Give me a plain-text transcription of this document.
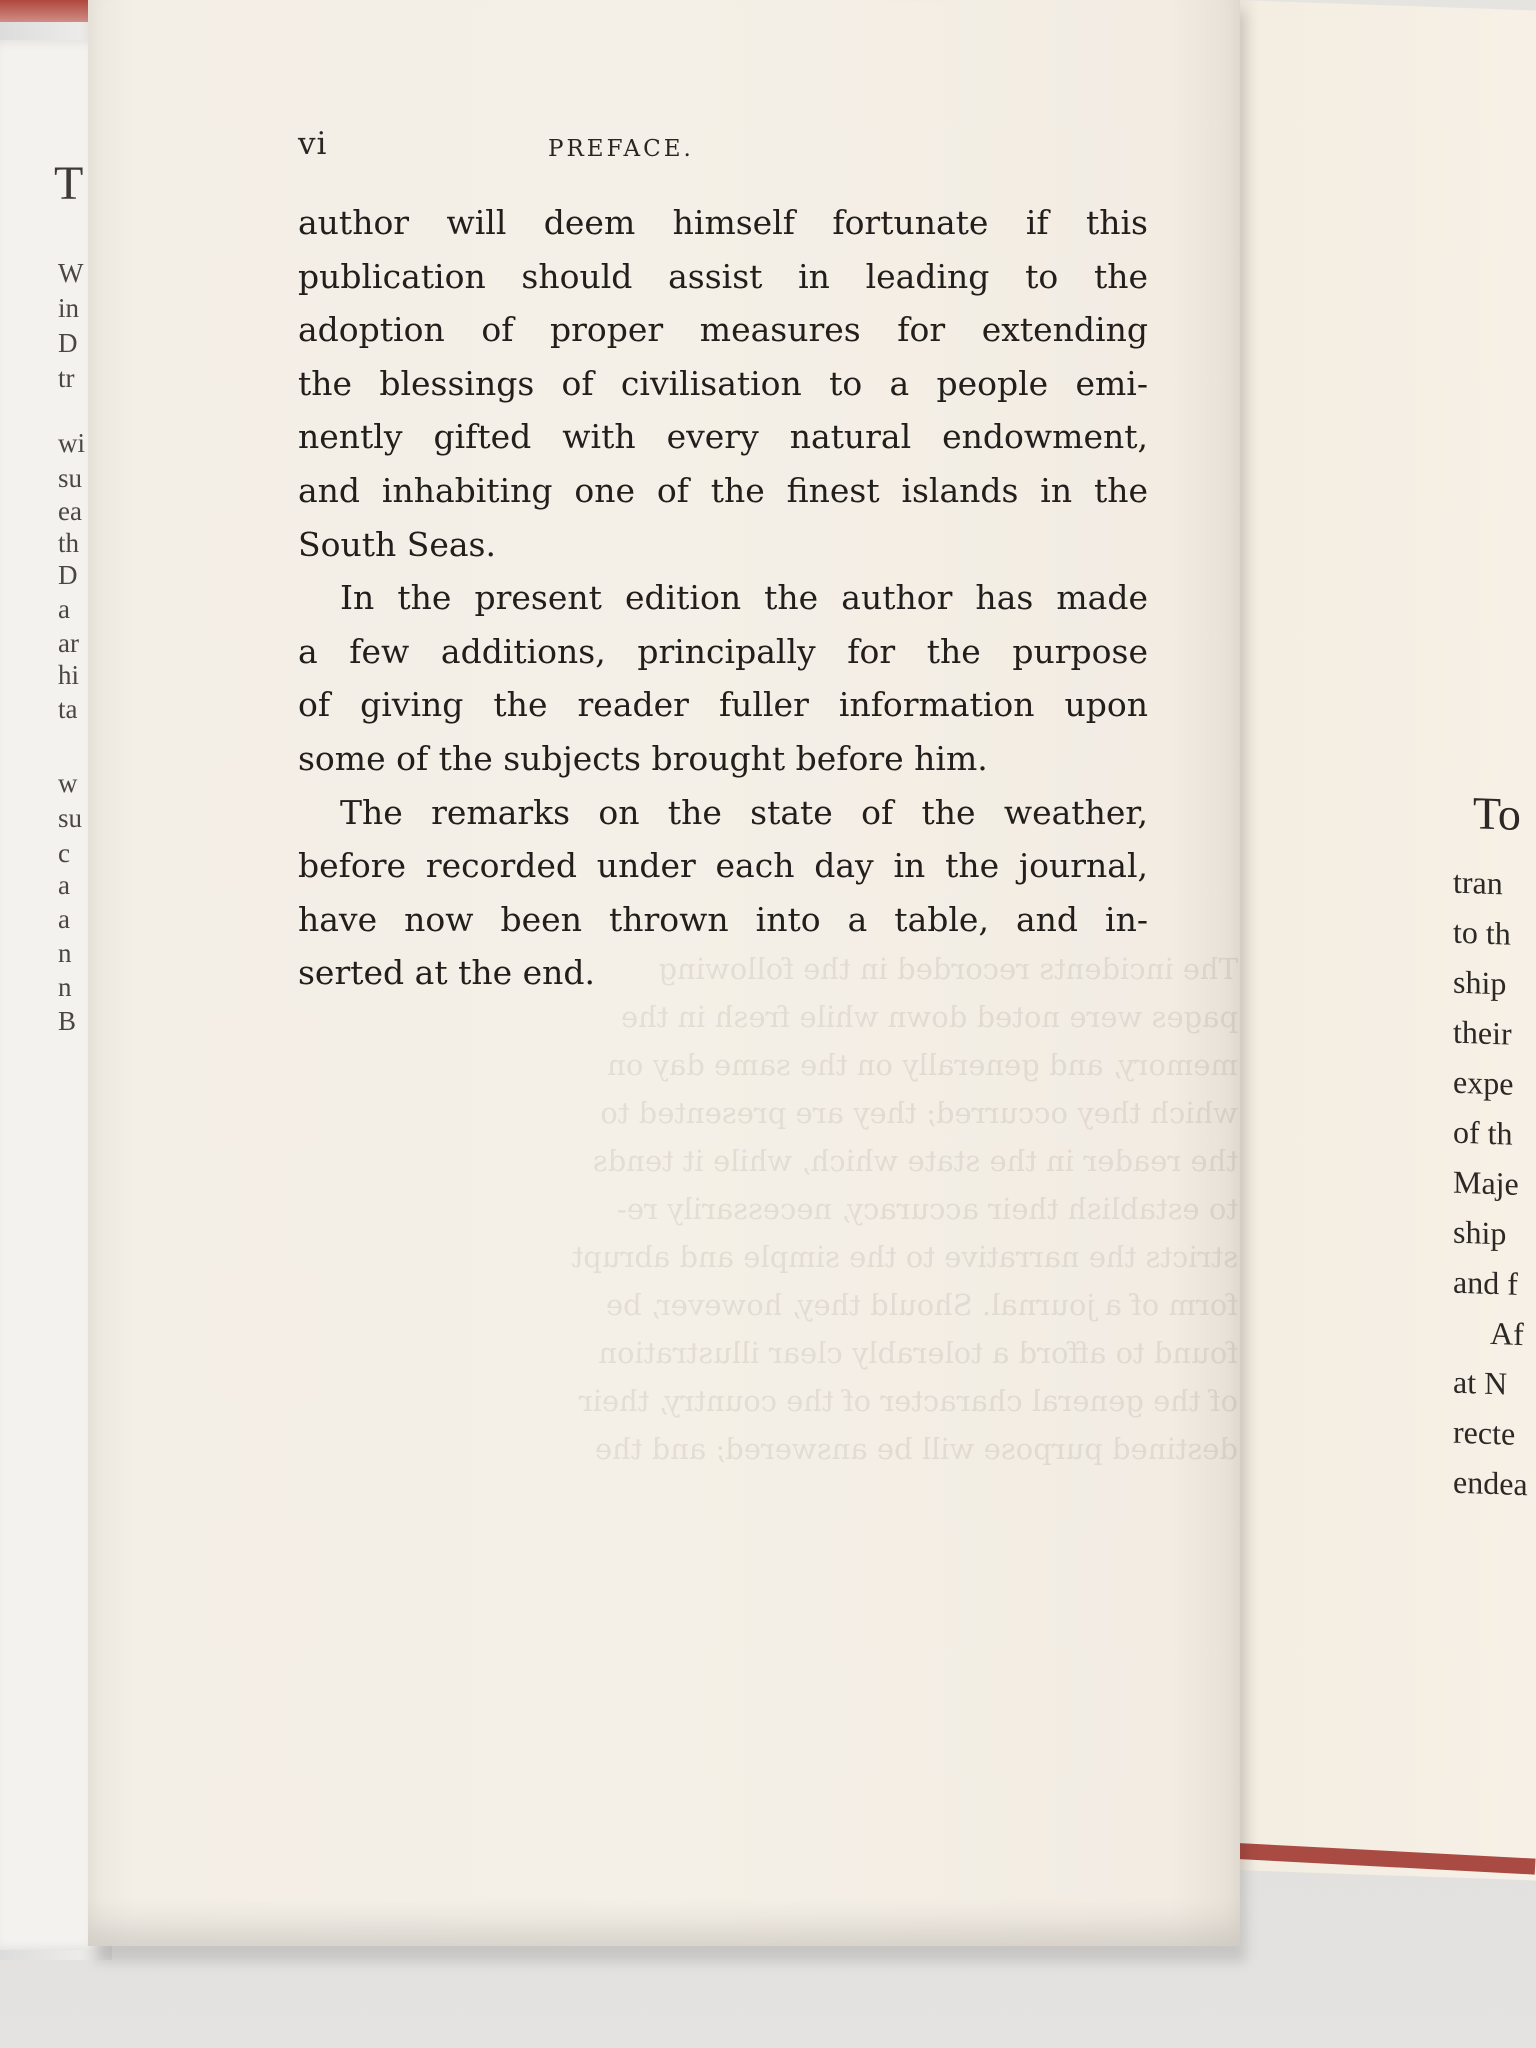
T
W
in
D
tr
wi
su
ea
th
D
a
ar
hi
ta
w
su
c
a
a
n
n
B
To
tran
to th
ship
their
expe
of th
Maje
ship
and f
Af
at N
recte
endea
The incidents recorded in the following
pages were noted down while fresh in the
memory, and generally on the same day on
which they occurred; they are presented to
the reader in the state which, while it tends
to establish their accuracy, necessarily re-
stricts the narrative to the simple and abrupt
form of a journal. Should they, however, be
found to afford a tolerably clear illustration
of the general character of the country, their
destined purpose will be answered; and the
vi	PREFACE.

author will deem himself fortunate if this
publication should assist in leading to the
adoption of proper measures for extending
the blessings of civilisation to a people emi-
nently gifted with every natural endowment,
and inhabiting one of the finest islands in the
South Seas.

In the present edition the author has made
a few additions, principally for the purpose
of giving the reader fuller information upon
some of the subjects brought before him.

The remarks on the state of the weather,
before recorded under each day in the journal,
have now been thrown into a table, and in-
serted at the end.
